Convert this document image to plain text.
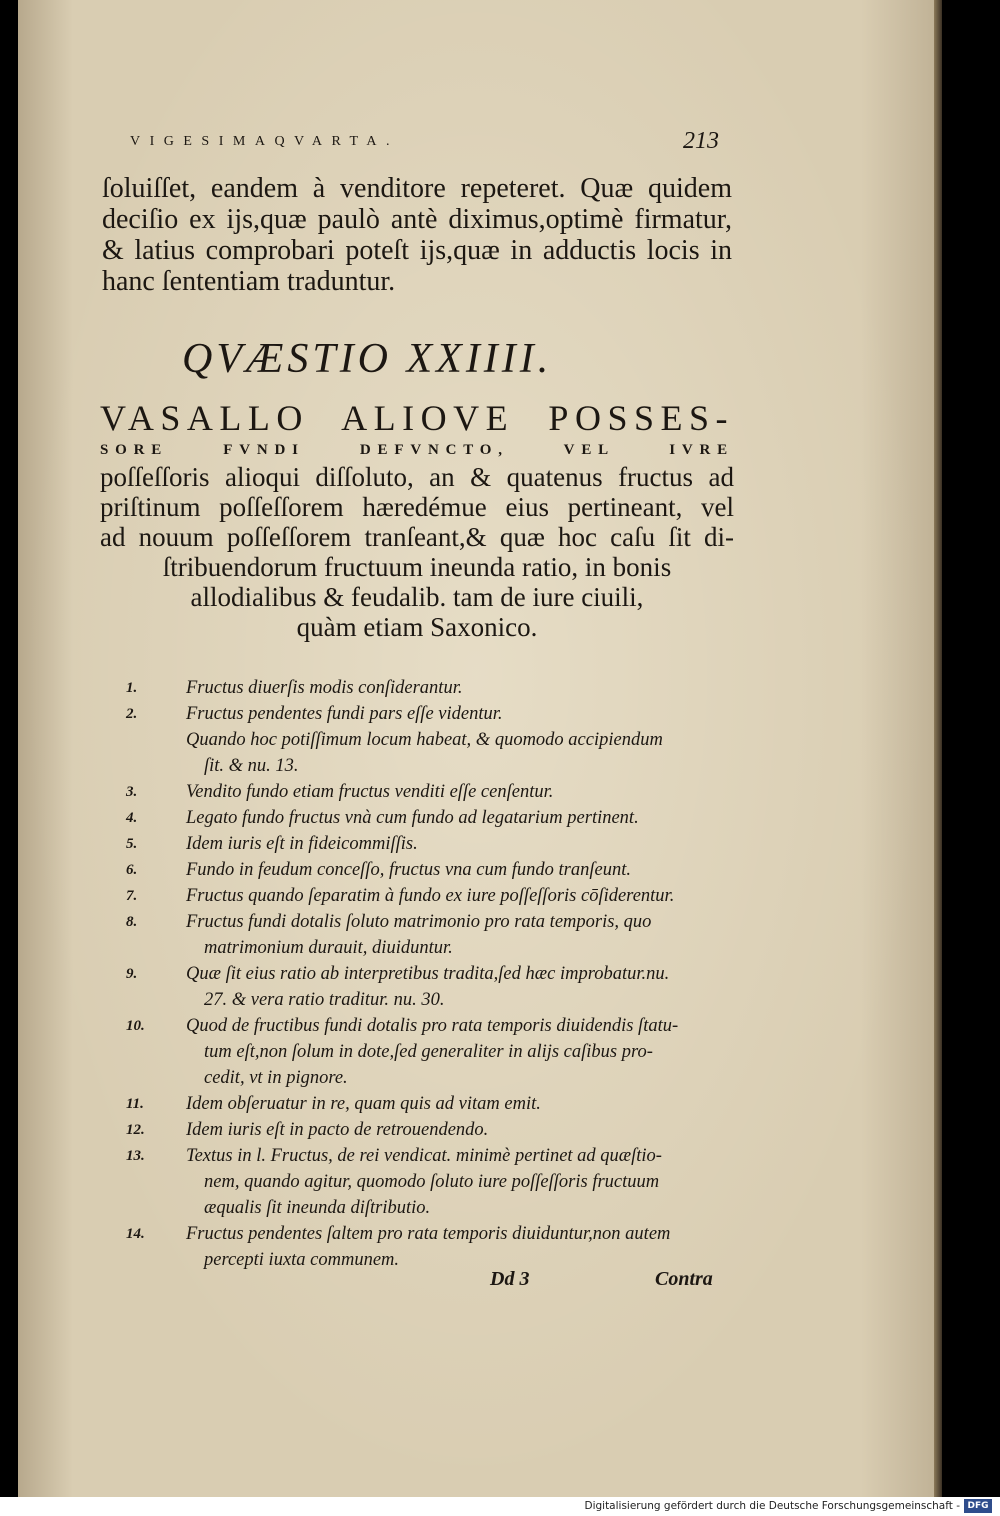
VIGESIMAQVARTA.	213
ſoluiſſet, eandem à venditore repeteret. Quæ quidem
deciſio ex ijs,quæ paulò antè diximus,optimè firmatur,
& latius comprobari poteſt ijs,quæ in adductis locis in
hanc ſententiam traduntur.
QVÆSTIO XXIIII.
VASALLO ALIOVE POSSES-
SORE FVNDI DEFVNCTO, VEL IVRE
poſſeſſoris alioqui diſſoluto, an & quatenus fructus ad
priſtinum poſſeſſorem hæredémue eius pertineant, vel
ad nouum poſſeſſorem tranſeant,& quæ hoc caſu ſit di-
ſtribuendorum fructuum ineunda ratio, in bonis
allodialibus & feudalib. tam de iure ciuili,
quàm etiam Saxonico.
1.	Fructus diuerſis modis conſiderantur.
2.	Fructus pendentes fundi pars eſſe videntur.
Quando hoc potiſſimum locum habeat, & quomodo accipiendum
ſit. & nu. 13.
3.	Vendito fundo etiam fructus venditi eſſe cenſentur.
4.	Legato fundo fructus vnà cum fundo ad legatarium pertinent.
5.	Idem iuris eſt in fideicommiſſis.
6.	Fundo in feudum conceſſo, fructus vna cum fundo tranſeunt.
7.	Fructus quando ſeparatim à fundo ex iure poſſeſſoris cōſiderentur.
8.	Fructus fundi dotalis ſoluto matrimonio pro rata temporis, quo
matrimonium durauit, diuiduntur.
9.	Quæ ſit eius ratio ab interpretibus tradita,ſed hæc improbatur.nu.
27. & vera ratio traditur. nu. 30.
10.	Quod de fructibus fundi dotalis pro rata temporis diuidendis ſtatu-
tum eſt,non ſolum in dote,ſed generaliter in alijs caſibus pro-
cedit, vt in pignore.
11.	Idem obſeruatur in re, quam quis ad vitam emit.
12.	Idem iuris eſt in pacto de retrouendendo.
13.	Textus in l. Fructus, de rei vendicat. minimè pertinet ad quæſtio-
nem, quando agitur, quomodo ſoluto iure poſſeſſoris fructuum
æqualis ſit ineunda diſtributio.
14.	Fructus pendentes ſaltem pro rata temporis diuiduntur,non autem
percepti iuxta communem.
Dd 3	Contra
Digitalisierung gefördert durch die Deutsche Forschungsgemeinschaft - DFG
